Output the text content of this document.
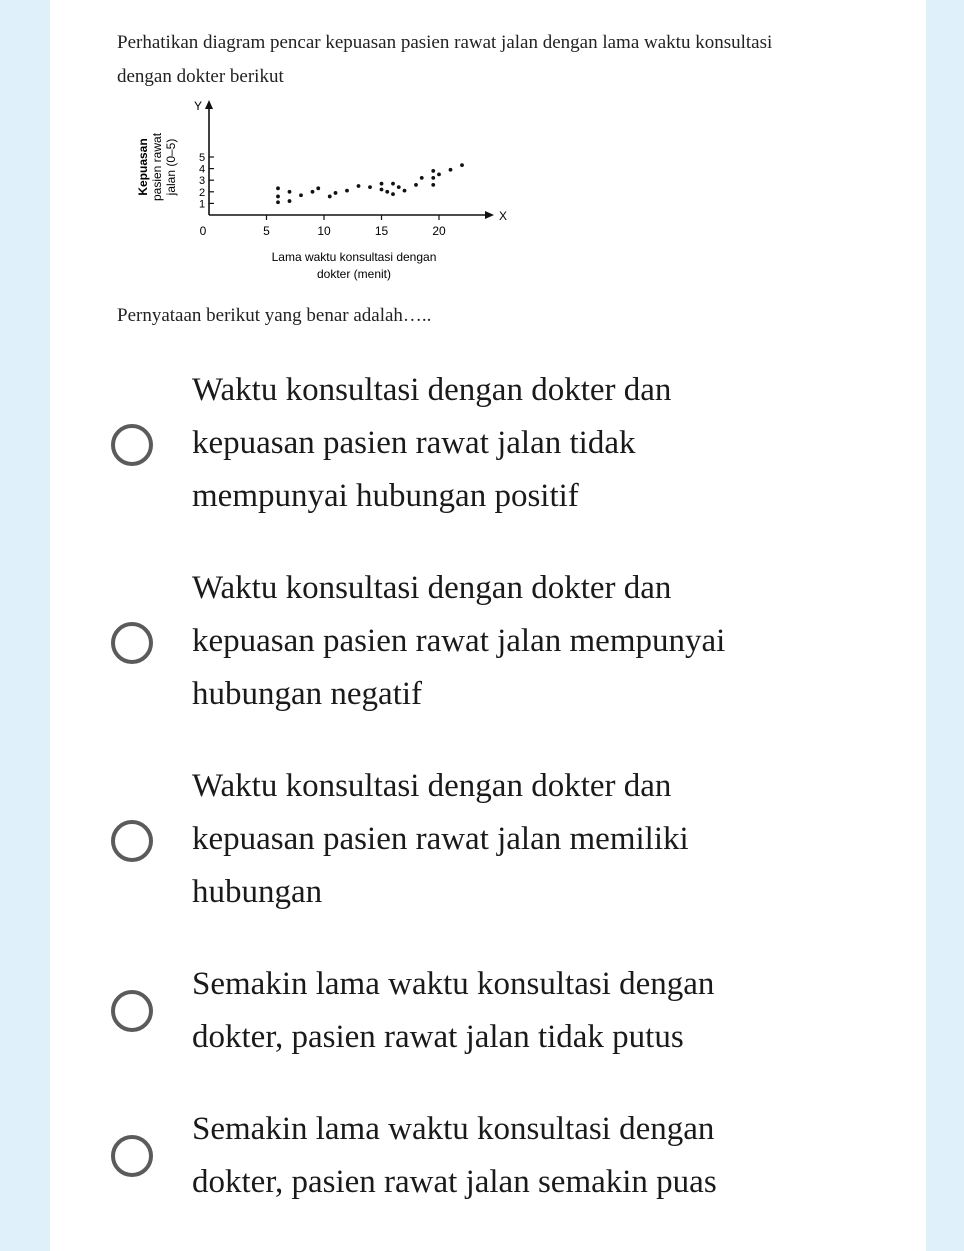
Perhatikan diagram pencar kepuasan pasien rawat jalan dengan lama waktu konsultasi
dengan dokter berikut
Y
X
0	5	10	15	20
1
2
3
4
5
Kepuasan pasien rawat jalan (0–5)
Lama waktu konsultasi dengan
dokter (menit)
Pernyataan berikut yang benar adalah…..
Waktu konsultasi dengan dokter dan
kepuasan pasien rawat jalan tidak
mempunyai hubungan positif
Waktu konsultasi dengan dokter dan
kepuasan pasien rawat jalan mempunyai
hubungan negatif
Waktu konsultasi dengan dokter dan
kepuasan pasien rawat jalan memiliki
hubungan
Semakin lama waktu konsultasi dengan
dokter, pasien rawat jalan tidak putus
Semakin lama waktu konsultasi dengan
dokter, pasien rawat jalan semakin puas
